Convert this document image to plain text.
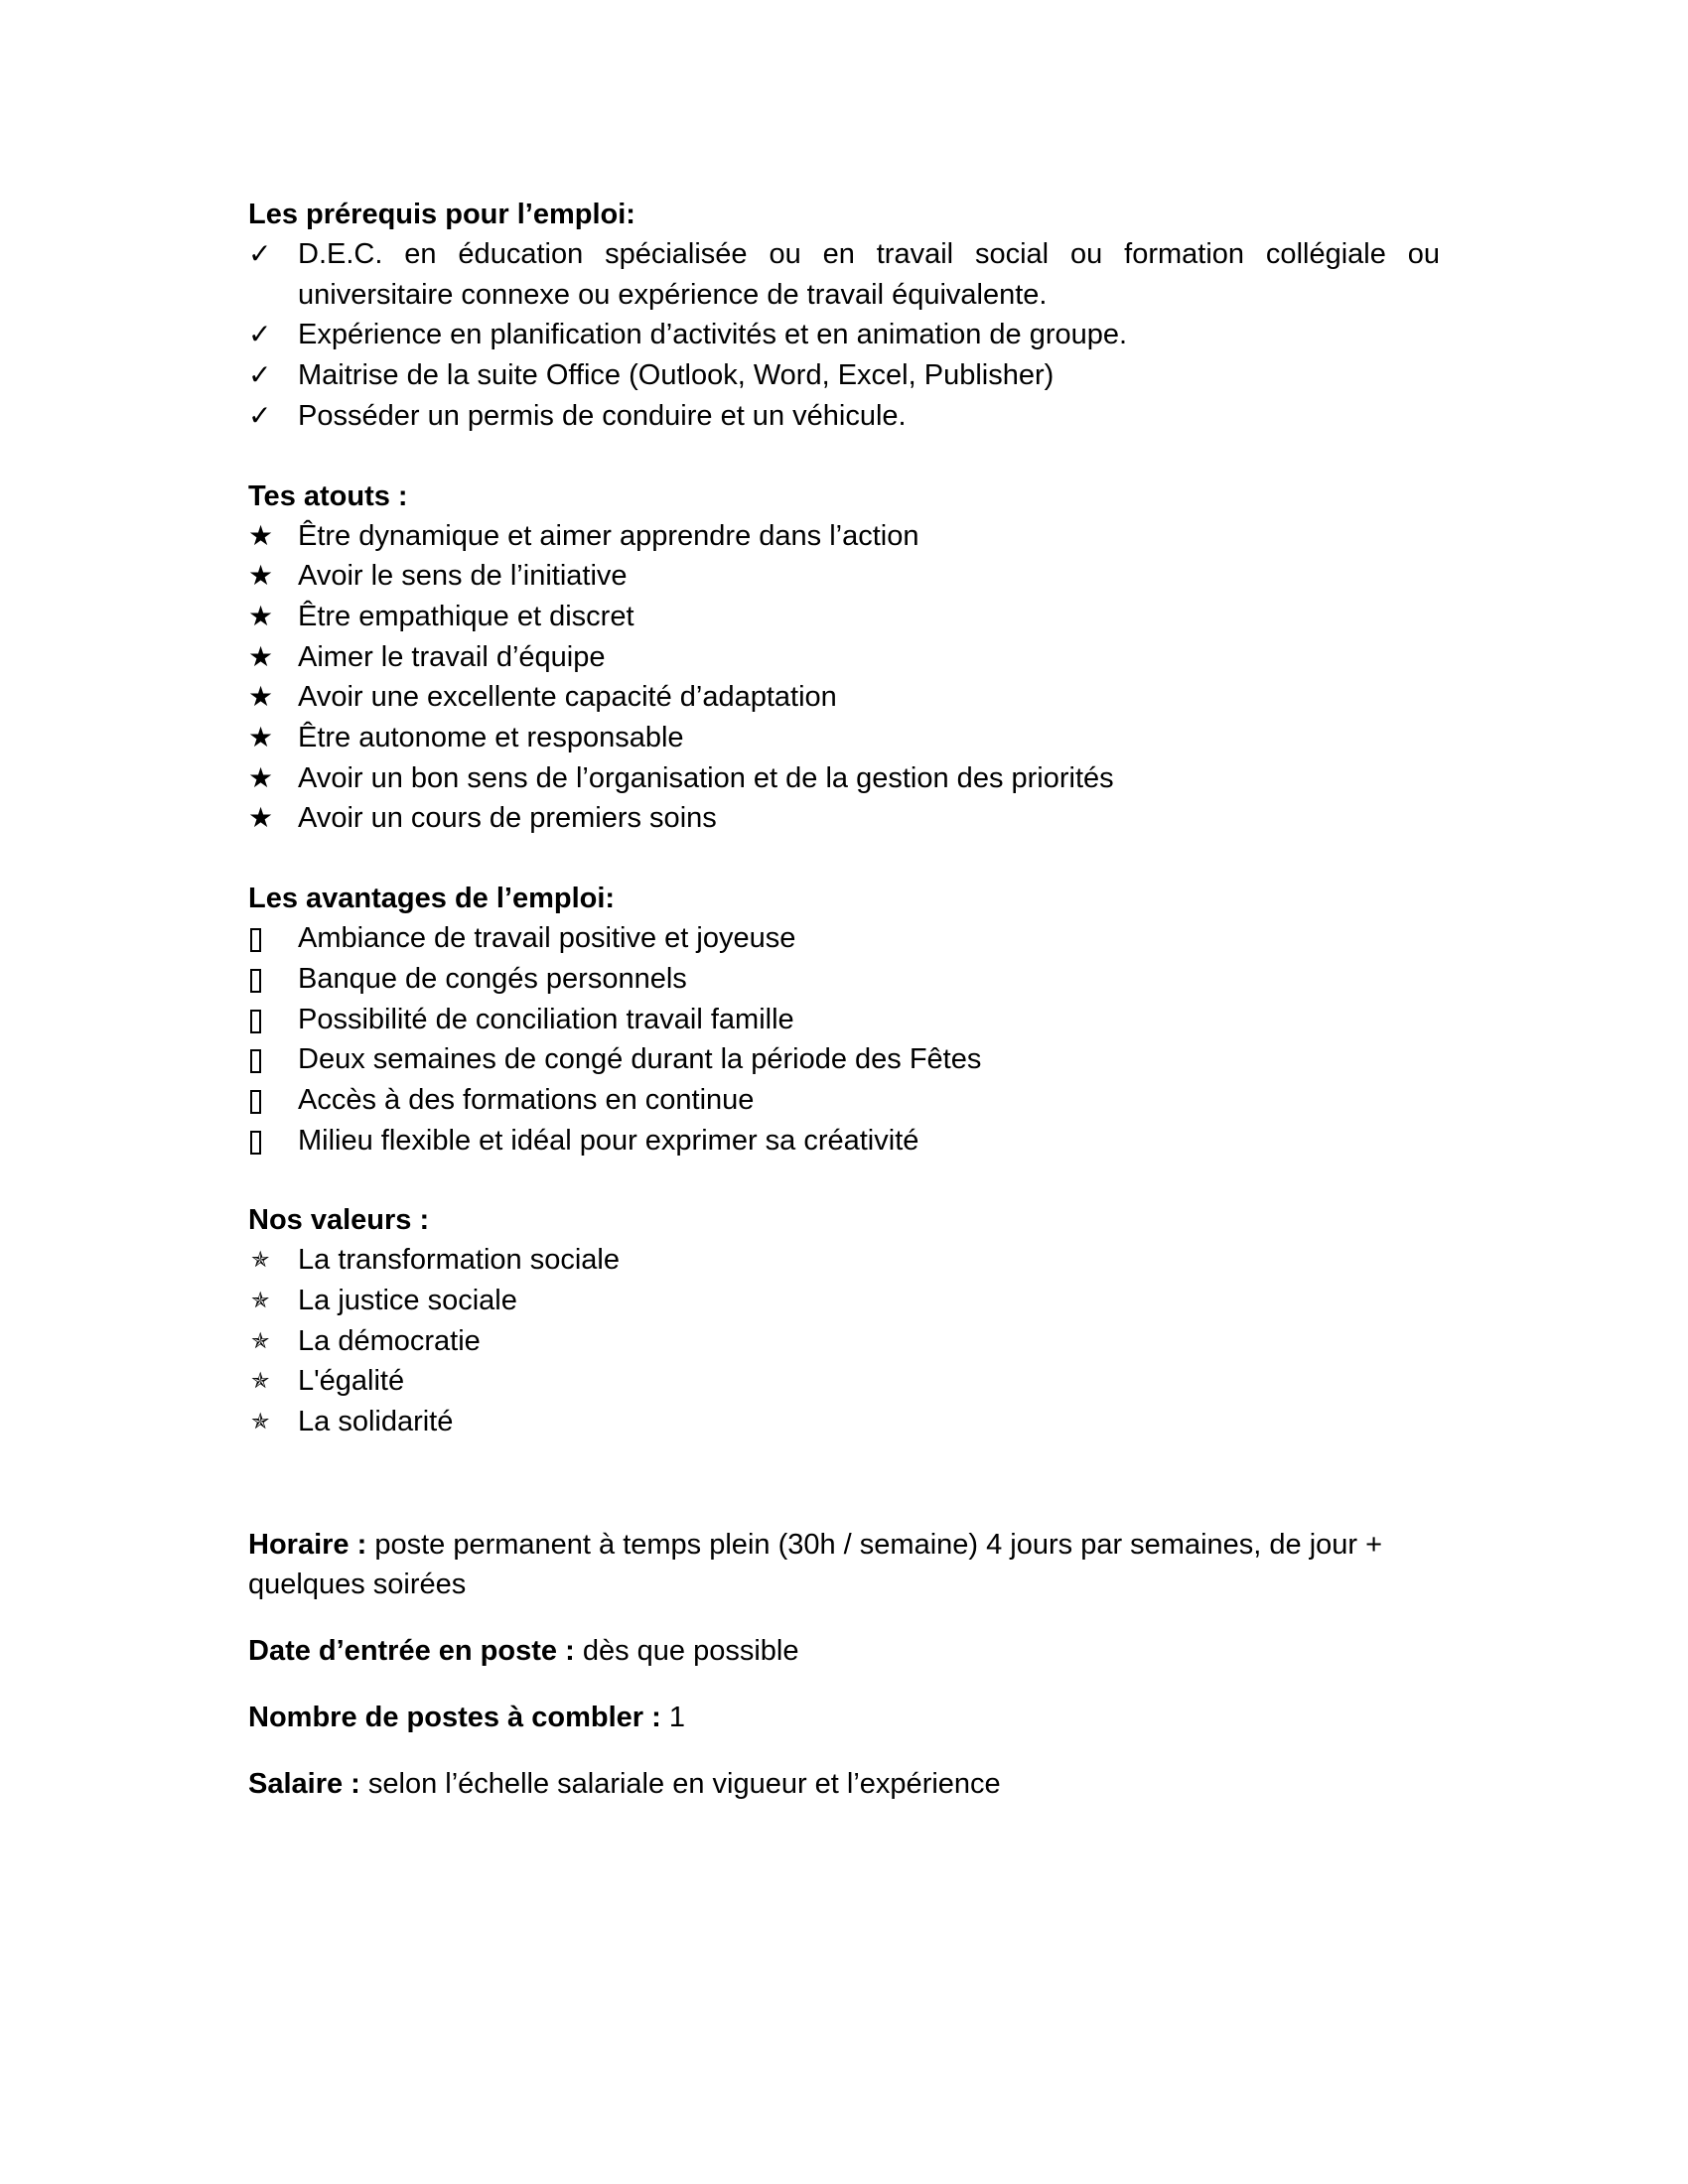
Les prérequis pour l’emploi:

✓ D.E.C. en éducation spécialisée ou en travail social ou formation collégiale ou universitaire connexe ou expérience de travail équivalente.
✓ Expérience en planification d’activités et en animation de groupe.
✓ Maitrise de la suite Office (Outlook, Word, Excel, Publisher)
✓ Posséder un permis de conduire et un véhicule.

Tes atouts :

★ Être dynamique et aimer apprendre dans l’action
★ Avoir le sens de l’initiative
★ Être empathique et discret
★ Aimer le travail d’équipe
★ Avoir une excellente capacité d’adaptation
★ Être autonome et responsable
★ Avoir un bon sens de l’organisation et de la gestion des priorités
★ Avoir un cours de premiers soins

Les avantages de l’emploi:

Ambiance de travail positive et joyeuse
Banque de congés personnels
Possibilité de conciliation travail famille
Deux semaines de congé durant la période des Fêtes
Accès à des formations en continue
Milieu flexible et idéal pour exprimer sa créativité

Nos valeurs :

✯ La transformation sociale
✯ La justice sociale
✯ La démocratie
✯ L'égalité
✯ La solidarité

Horaire : poste permanent à temps plein (30h / semaine) 4 jours par semaines, de jour + quelques soirées

Date d’entrée en poste : dès que possible

Nombre de postes à combler : 1

Salaire : selon l’échelle salariale en vigueur et l’expérience
